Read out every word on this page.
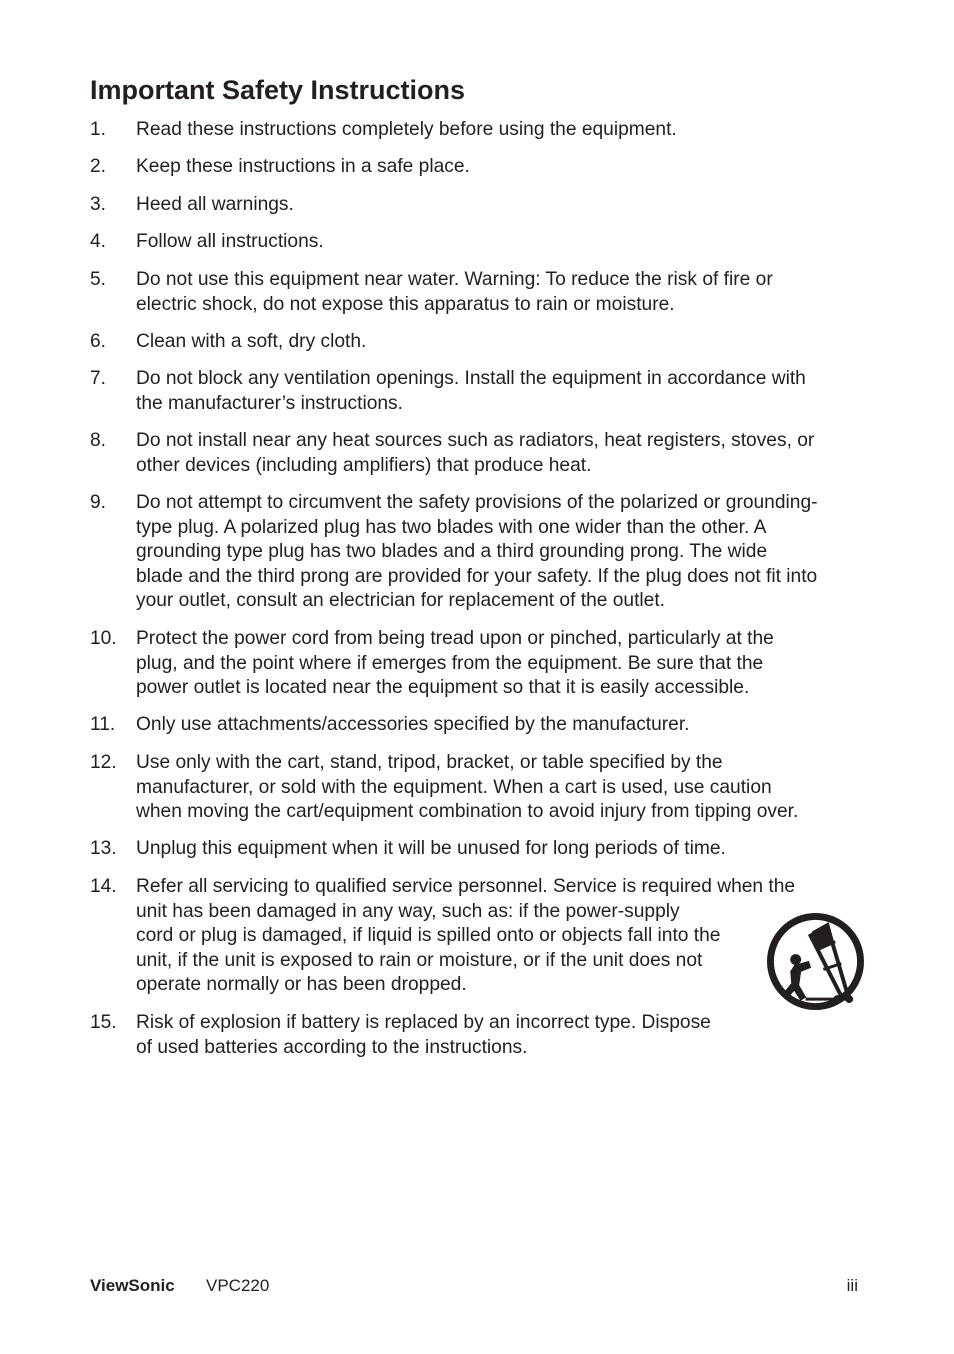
Important Safety Instructions
1.	Read these instructions completely before using the equipment.
2.	Keep these instructions in a safe place.
3.	Heed all warnings.
4.	Follow all instructions.
5.	Do not use this equipment near water. Warning: To reduce the risk of fire or
electric shock, do not expose this apparatus to rain or moisture.
6.	Clean with a soft, dry cloth.
7.	Do not block any ventilation openings. Install the equipment in accordance with
the manufacturer’s instructions.
8.	Do not install near any heat sources such as radiators, heat registers, stoves, or
other devices (including amplifiers) that produce heat.
9.	Do not attempt to circumvent the safety provisions of the polarized or grounding-
type plug. A polarized plug has two blades with one wider than the other. A
grounding type plug has two blades and a third grounding prong. The wide
blade and the third prong are provided for your safety. If the plug does not fit into
your outlet, consult an electrician for replacement of the outlet.
10.	Protect the power cord from being tread upon or pinched, particularly at the
plug, and the point where if emerges from the equipment. Be sure that the
power outlet is located near the equipment so that it is easily accessible.
11.	Only use attachments/accessories specified by the manufacturer.
12.	Use only with the cart, stand, tripod, bracket, or table specified by the
manufacturer, or sold with the equipment. When a cart is used, use caution
when moving the cart/equipment combination to avoid injury from tipping over.
13.	Unplug this equipment when it will be unused for long periods of time.
14.	Refer all servicing to qualified service personnel. Service is required when the
unit has been damaged in any way, such as: if the power-supply
cord or plug is damaged, if liquid is spilled onto or objects fall into the
unit, if the unit is exposed to rain or moisture, or if the unit does not
operate normally or has been dropped.
15.	Risk of explosion if battery is replaced by an incorrect type. Dispose
of used batteries according to the instructions.
ViewSonic VPC220	iii
